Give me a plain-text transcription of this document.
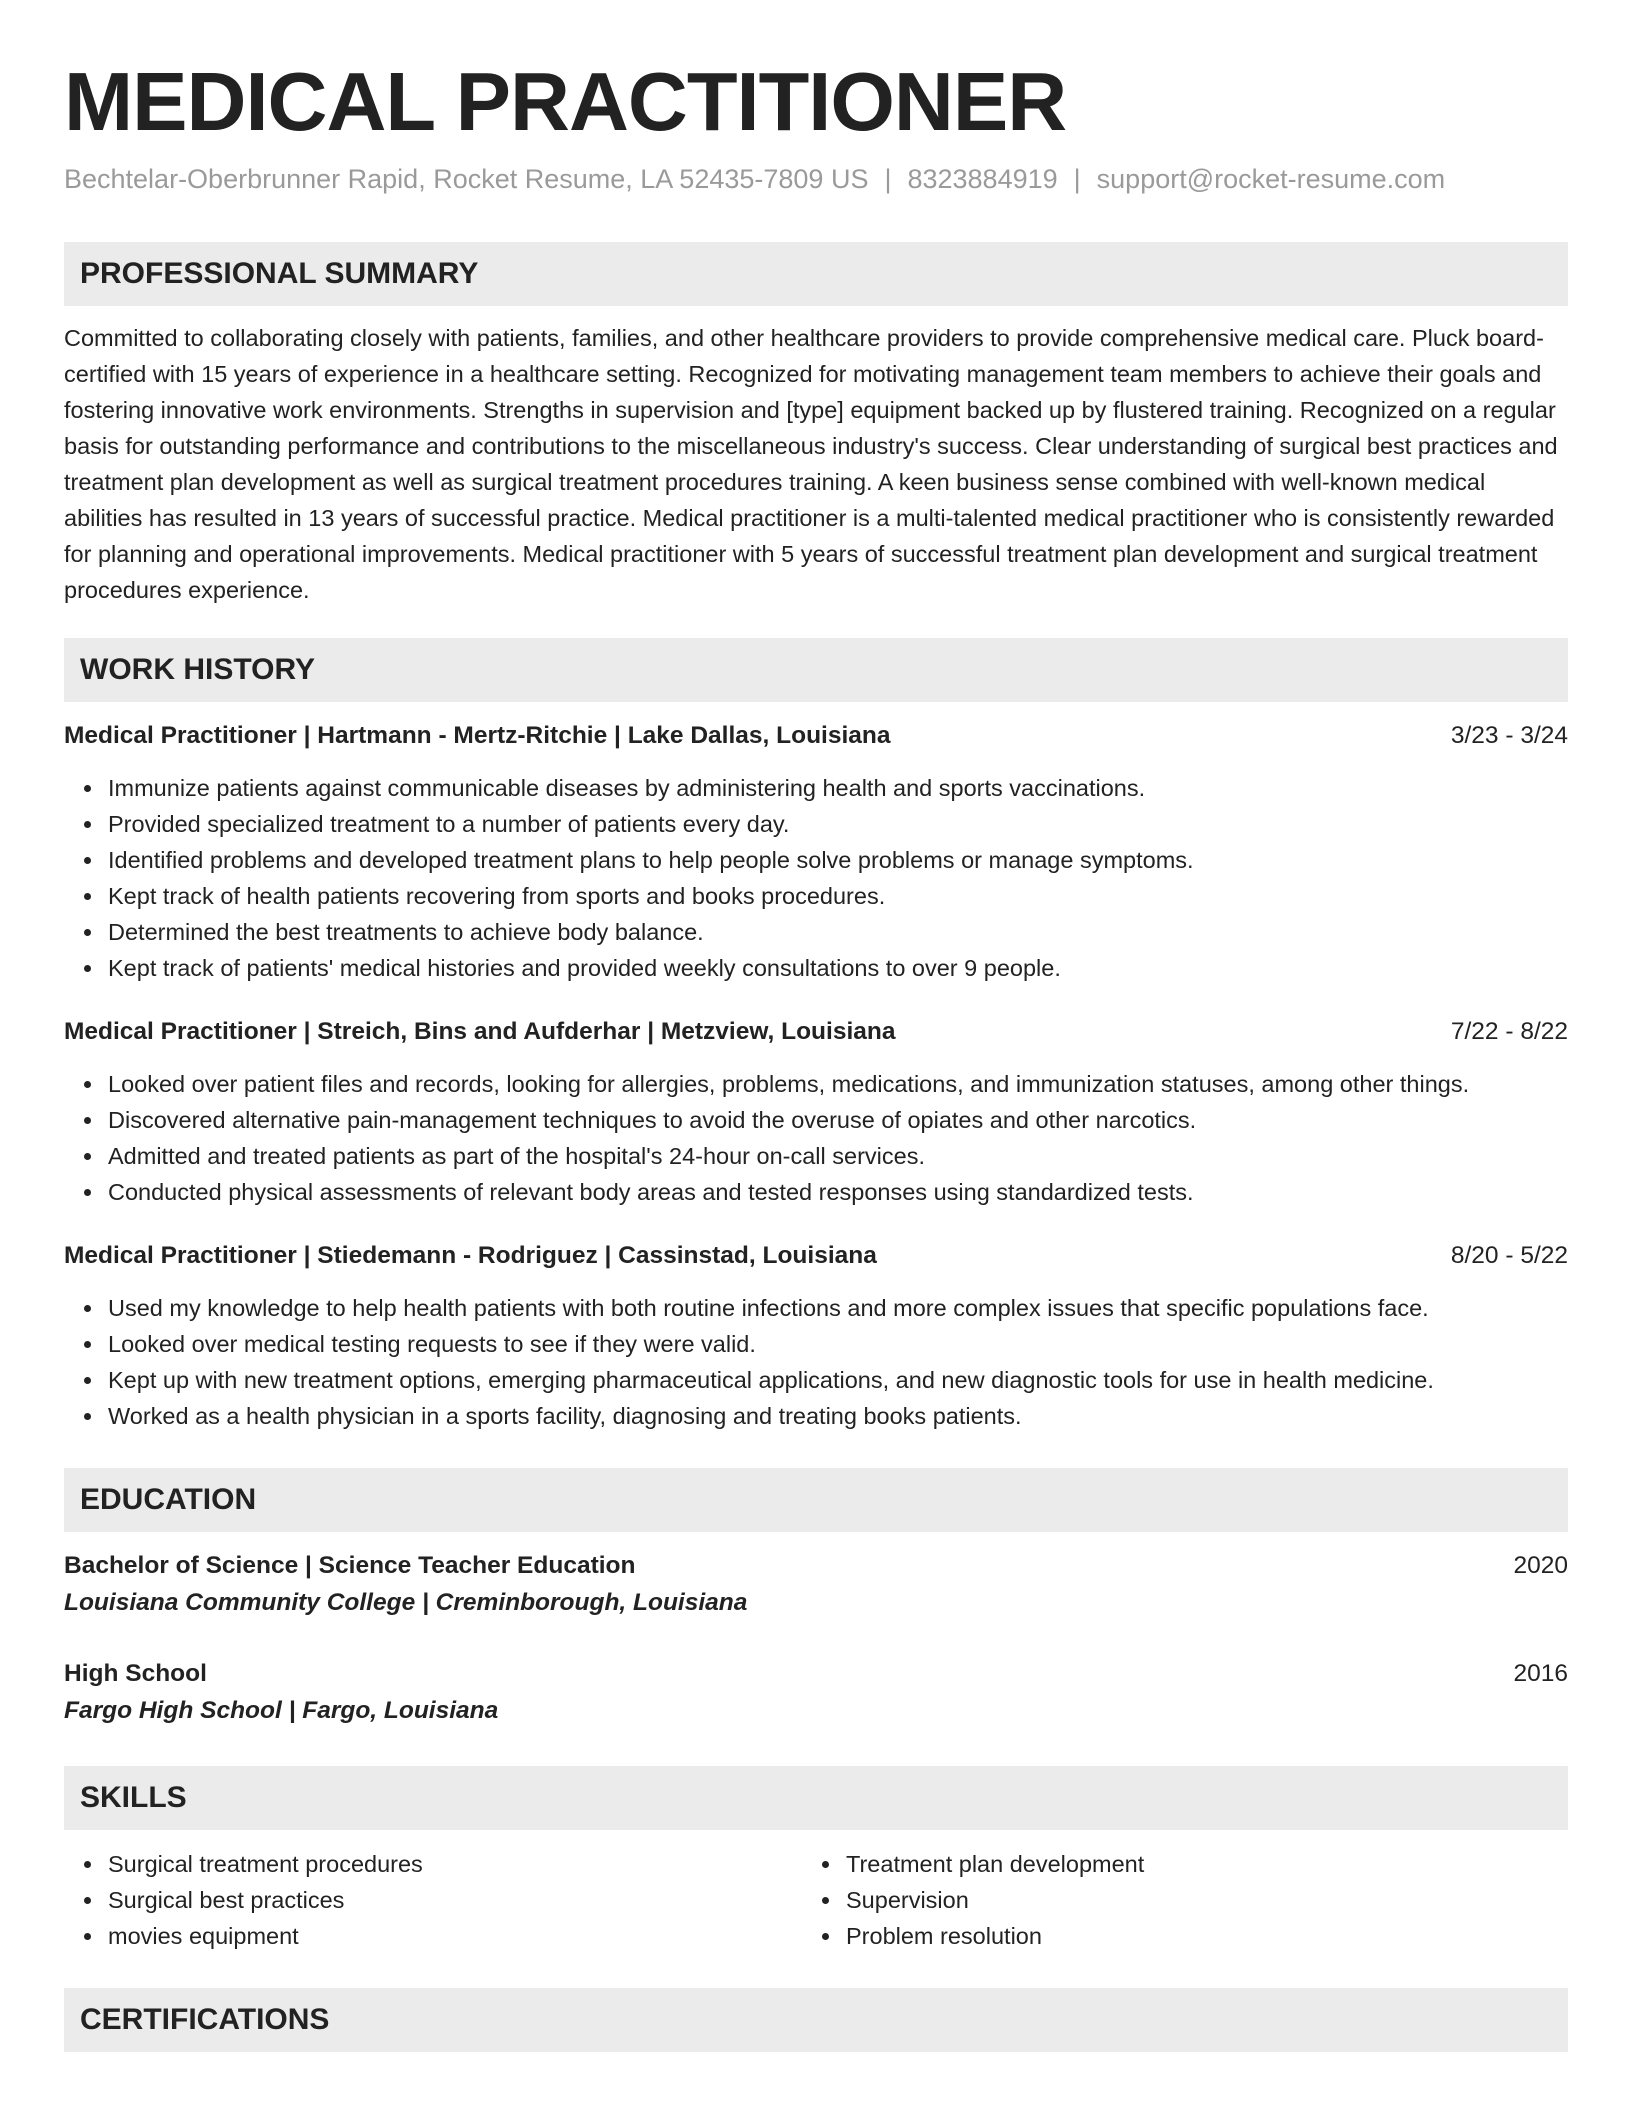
MEDICAL PRACTITIONER
Bechtelar-Oberbrunner Rapid, Rocket Resume, LA 52435-7809 US | 8323884919 | support@rocket-resume.com
PROFESSIONAL SUMMARY
Committed to collaborating closely with patients, families, and other healthcare providers to provide comprehensive medical care. Pluck board-certified with 15 years of experience in a healthcare setting. Recognized for motivating management team members to achieve their goals and fostering innovative work environments. Strengths in supervision and [type] equipment backed up by flustered training. Recognized on a regular basis for outstanding performance and contributions to the miscellaneous industry's success. Clear understanding of surgical best practices and treatment plan development as well as surgical treatment procedures training. A keen business sense combined with well-known medical abilities has resulted in 13 years of successful practice. Medical practitioner is a multi-talented medical practitioner who is consistently rewarded for planning and operational improvements. Medical practitioner with 5 years of successful treatment plan development and surgical treatment procedures experience.
WORK HISTORY
Medical Practitioner | Hartmann - Mertz-Ritchie | Lake Dallas, Louisiana	3/23 - 3/24
Immunize patients against communicable diseases by administering health and sports vaccinations.
Provided specialized treatment to a number of patients every day.
Identified problems and developed treatment plans to help people solve problems or manage symptoms.
Kept track of health patients recovering from sports and books procedures.
Determined the best treatments to achieve body balance.
Kept track of patients' medical histories and provided weekly consultations to over 9 people.
Medical Practitioner | Streich, Bins and Aufderhar | Metzview, Louisiana	7/22 - 8/22
Looked over patient files and records, looking for allergies, problems, medications, and immunization statuses, among other things.
Discovered alternative pain-management techniques to avoid the overuse of opiates and other narcotics.
Admitted and treated patients as part of the hospital's 24-hour on-call services.
Conducted physical assessments of relevant body areas and tested responses using standardized tests.
Medical Practitioner | Stiedemann - Rodriguez | Cassinstad, Louisiana	8/20 - 5/22
Used my knowledge to help health patients with both routine infections and more complex issues that specific populations face.
Looked over medical testing requests to see if they were valid.
Kept up with new treatment options, emerging pharmaceutical applications, and new diagnostic tools for use in health medicine.
Worked as a health physician in a sports facility, diagnosing and treating books patients.
EDUCATION
Bachelor of Science | Science Teacher Education	2020
Louisiana Community College | Creminborough, Louisiana
High School	2016
Fargo High School | Fargo, Louisiana
SKILLS
Surgical treatment procedures
Surgical best practices
movies equipment
Treatment plan development
Supervision
Problem resolution
CERTIFICATIONS
